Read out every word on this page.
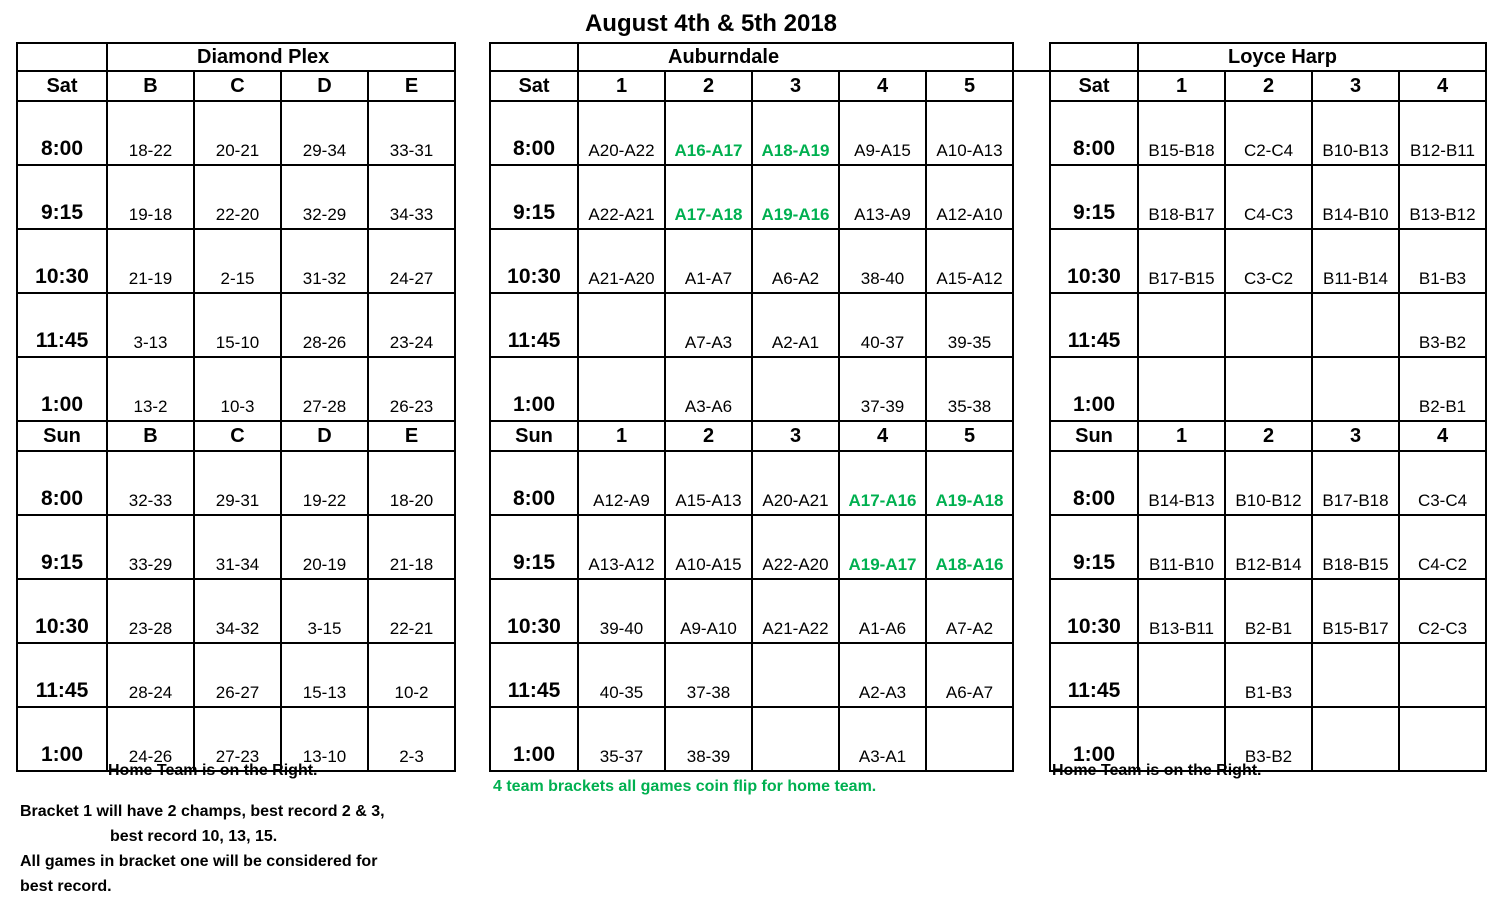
August 4th & 5th 2018
		Diamond Plex		
Sat	B	C	D	E
8:00	18-22	20-21	29-34	33-31
9:15	19-18	22-20	32-29	34-33
10:30	21-19	2-15	31-32	24-27
11:45	3-13	15-10	28-26	23-24
1:00	13-2	10-3	27-28	26-23
Sun	B	C	D	E
8:00	32-33	29-31	19-22	18-20
9:15	33-29	31-34	20-19	21-18
10:30	23-28	34-32	3-15	22-21
11:45	28-24	26-27	15-13	10-2
1:00	24-26	27-23	13-10	2-3
		Auburndale				
Sat	1	2	3	4	5	
8:00	A20-A22	A16-A17	A18-A19	A9-A15	A10-A13	
9:15	A22-A21	A17-A18	A19-A16	A13-A9	A12-A10	
10:30	A21-A20	A1-A7	A6-A2	38-40	A15-A12	
11:45		A7-A3	A2-A1	40-37	39-35	
1:00		A3-A6		37-39	35-38	
Sun	1	2	3	4	5	
8:00	A12-A9	A15-A13	A20-A21	A17-A16	A19-A18	
9:15	A13-A12	A10-A15	A22-A20	A19-A17	A18-A16	
10:30	39-40	A9-A10	A21-A22	A1-A6	A7-A2	
11:45	40-35	37-38		A2-A3	A6-A7	
1:00	35-37	38-39		A3-A1		
		Loyce Harp		
Sat	1	2	3	4
8:00	B15-B18	C2-C4	B10-B13	B12-B11
9:15	B18-B17	C4-C3	B14-B10	B13-B12
10:30	B17-B15	C3-C2	B11-B14	B1-B3
11:45				B3-B2
1:00				B2-B1
Sun	1	2	3	4
8:00	B14-B13	B10-B12	B17-B18	C3-C4
9:15	B11-B10	B12-B14	B18-B15	C4-C2
10:30	B13-B11	B2-B1	B15-B17	C2-C3
11:45		B1-B3		
1:00		B3-B2		
Home Team is on the Right.
4 team brackets all games coin flip for home team.
Home Team is on the Right.
Bracket 1 will have 2 champs, best record 2 & 3,
best record 10, 13, 15.
All games in bracket one will be considered for
best record.
